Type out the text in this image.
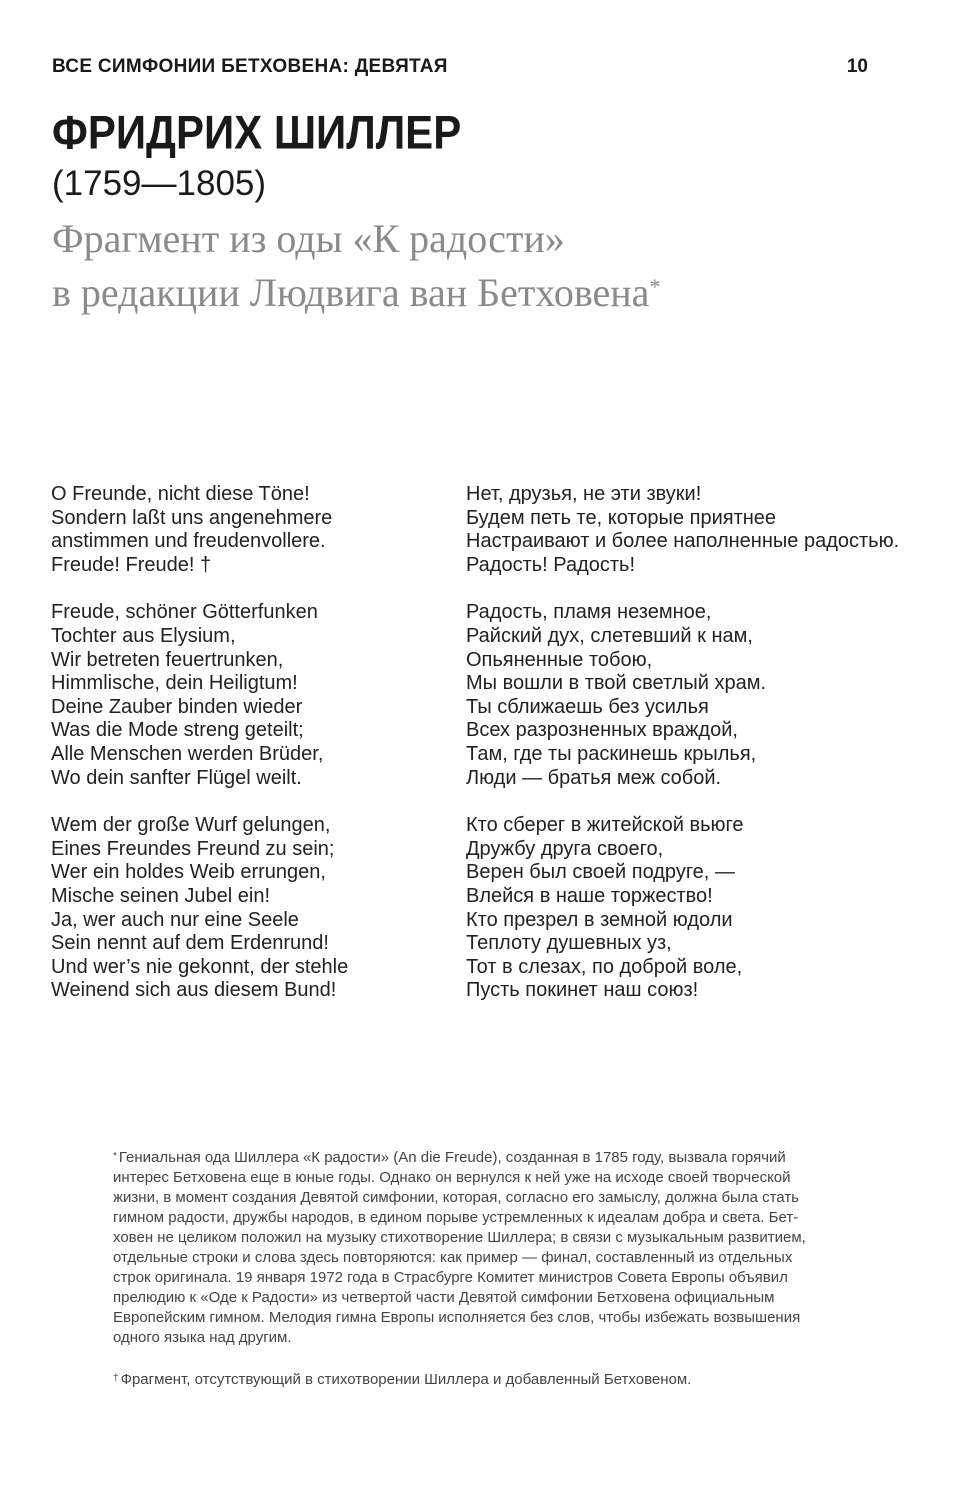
ВСЕ СИМФОНИИ БЕТХОВЕНА: ДЕВЯТАЯ	10
ФРИДРИХ ШИЛЛЕР
(1759—1805)
Фрагмент из оды «К радости»
в редакции Людвига ван Бетховена*
O Freunde, nicht diese Töne!
Sondern laßt uns angenehmere
anstimmen und freudenvollere.
Freude! Freude! †
Freude, schöner Götterfunken
Tochter aus Elysium,
Wir betreten feuertrunken,
Himmlische, dein Heiligtum!
Deine Zauber binden wieder
Was die Mode streng geteilt;
Alle Menschen werden Brüder,
Wo dein sanfter Flügel weilt.
Wem der große Wurf gelungen,
Eines Freundes Freund zu sein;
Wer ein holdes Weib errungen,
Mische seinen Jubel ein!
Ja, wer auch nur eine Seele
Sein nennt auf dem Erdenrund!
Und wer’s nie gekonnt, der stehle
Weinend sich aus diesem Bund!
Нет, друзья, не эти звуки!
Будем петь те, которые приятнее
Настраивают и более наполненные радостью.
Радость! Радость!
Радость, пламя неземное,
Райский дух, слетевший к нам,
Опьяненные тобою,
Мы вошли в твой светлый храм.
Ты сближаешь без усилья
Всех разрозненных враждой,
Там, где ты раскинешь крылья,
Люди — братья меж собой.
Кто сберег в житейской вьюге
Дружбу друга своего,
Верен был своей подруге, —
Влейся в наше торжество!
Кто презрел в земной юдоли
Теплоту душевных уз,
Тот в слезах, по доброй воле,
Пусть покинет наш союз!
* Гениальная ода Шиллера «К радости» (An die Freude), созданная в 1785 году, вызвала горячий
интерес Бетховена еще в юные годы. Однако он вернулся к ней уже на исходе своей творческой
жизни, в момент создания Девятой симфонии, которая, согласно его замыслу, должна была стать
гимном радости, дружбы народов, в едином порыве устремленных к идеалам добра и света. Бет-
ховен не целиком положил на музыку стихотворение Шиллера; в связи с музыкальным развитием,
отдельные строки и слова здесь повторяются: как пример — финал, составленный из отдельных
строк оригинала. 19 января 1972 года в Страсбурге Комитет министров Совета Европы объявил
прелюдию к «Оде к Радости» из четвертой части Девятой симфонии Бетховена официальным
Европейским гимном. Мелодия гимна Европы исполняется без слов, чтобы избежать возвышения
одного языка над другим.
† Фрагмент, отсутствующий в стихотворении Шиллера и добавленный Бетховеном.
